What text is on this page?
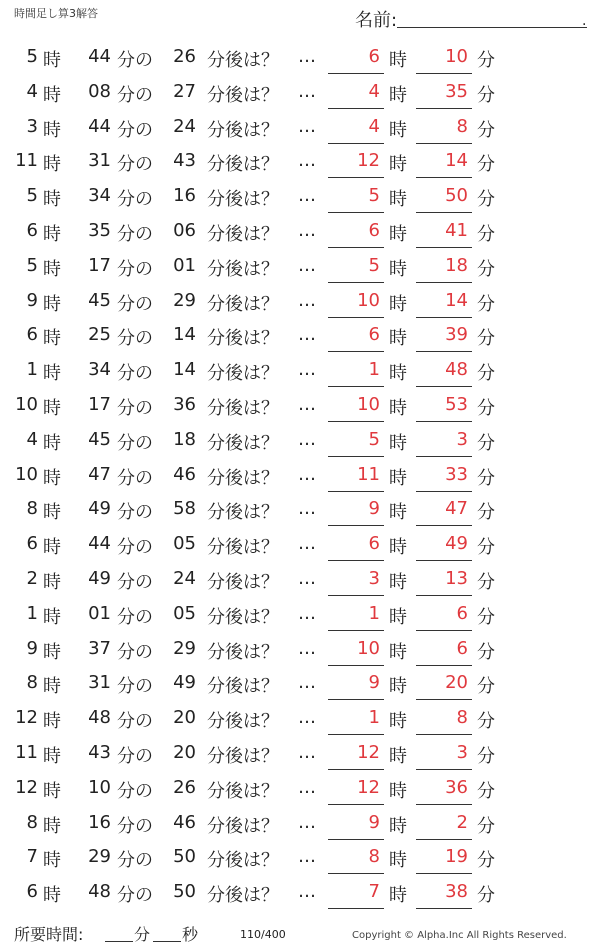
時間足し算3解答	名前:	.
5 時	44 分の	26 分後は？ …	6 時	10 分
4 時	08 分の	27 分後は？ …	4 時	35 分
3 時	44 分の	24 分後は？ …	4 時	8 分
11 時	31 分の	43 分後は？ …	12 時	14 分
5 時	34 分の	16 分後は？ …	5 時	50 分
6 時	35 分の	06 分後は？ …	6 時	41 分
5 時	17 分の	01 分後は？ …	5 時	18 分
9 時	45 分の	29 分後は？ …	10 時	14 分
6 時	25 分の	14 分後は？ …	6 時	39 分
1 時	34 分の	14 分後は？ …	1 時	48 分
10 時	17 分の	36 分後は？ …	10 時	53 分
4 時	45 分の	18 分後は？ …	5 時	3 分
10 時	47 分の	46 分後は？ …	11 時	33 分
8 時	49 分の	58 分後は？ …	9 時	47 分
6 時	44 分の	05 分後は？ …	6 時	49 分
2 時	49 分の	24 分後は？ …	3 時	13 分
1 時	01 分の	05 分後は？ …	1 時	6 分
9 時	37 分の	29 分後は？ …	10 時	6 分
8 時	31 分の	49 分後は？ …	9 時	20 分
12 時	48 分の	20 分後は？ …	1 時	8 分
11 時	43 分の	20 分後は？ …	12 時	3 分
12 時	10 分の	26 分後は？ …	12 時	36 分
8 時	16 分の	46 分後は？ …	9 時	2 分
7 時	29 分の	50 分後は？ …	8 時	19 分
6 時	48 分の	50 分後は？ …	7 時	38 分
所要時間:	分 秒	110/400	Copyright © Alpha.Inc All Rights Reserved.
